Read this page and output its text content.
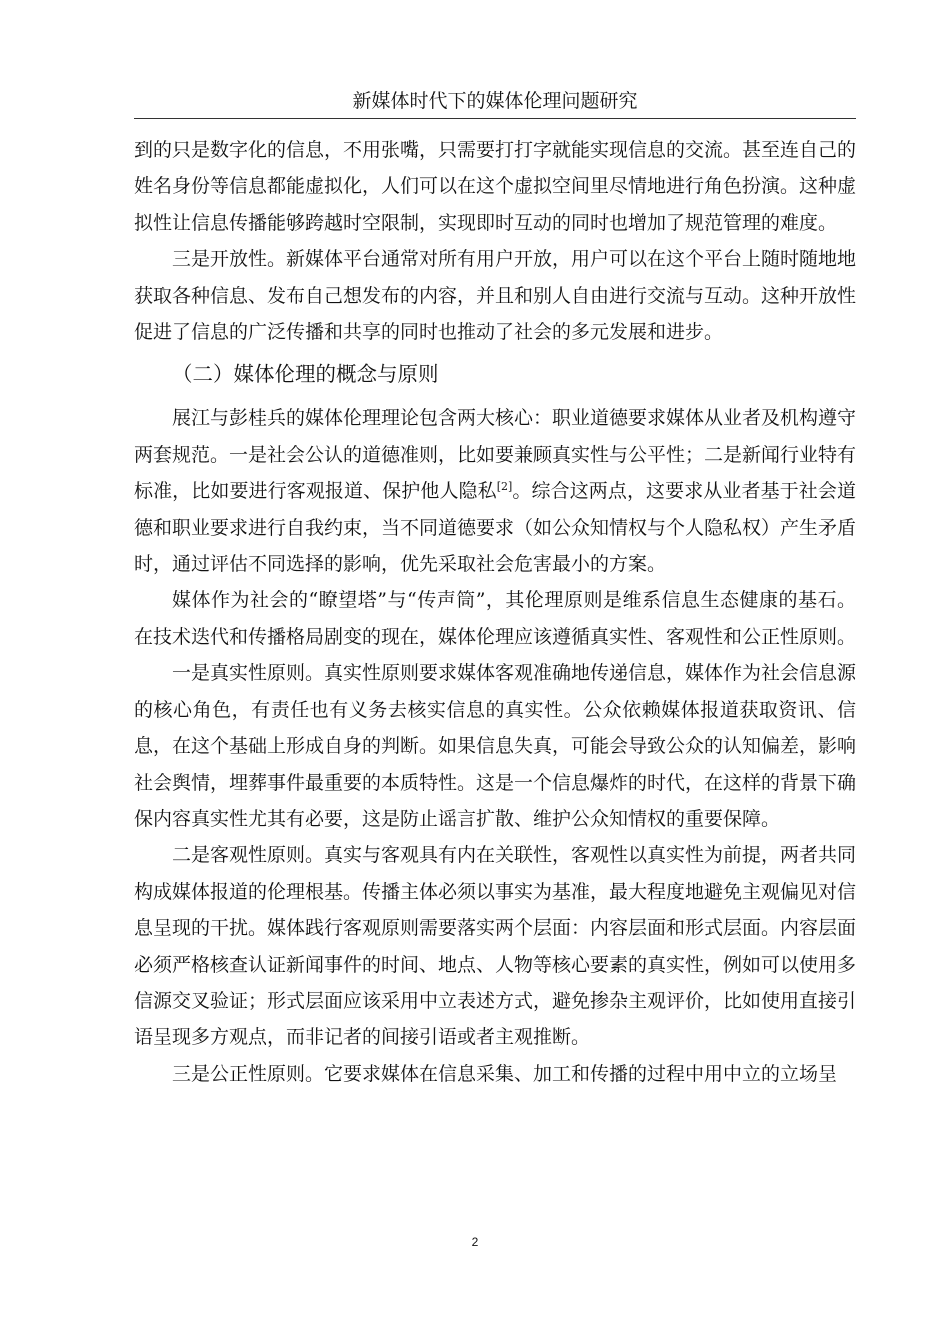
新媒体时代下的媒体伦理问题研究

到的只是数字化的信息，不用张嘴，只需要打打字就能实现信息的交流。甚至连自己的姓名身份等信息都能虚拟化，人们可以在这个虚拟空间里尽情地进行角色扮演。这种虚拟性让信息传播能够跨越时空限制，实现即时互动的同时也增加了规范管理的难度。

三是开放性。新媒体平台通常对所有用户开放，用户可以在这个平台上随时随地地获取各种信息、发布自己想发布的内容，并且和别人自由进行交流与互动。这种开放性促进了信息的广泛传播和共享的同时也推动了社会的多元发展和进步。

（二）媒体伦理的概念与原则

展江与彭桂兵的媒体伦理理论包含两大核心：职业道德要求媒体从业者及机构遵守两套规范。一是社会公认的道德准则，比如要兼顾真实性与公平性；二是新闻行业特有标准，比如要进行客观报道、保护他人隐私[2]。综合这两点，这要求从业者基于社会道德和职业要求进行自我约束，当不同道德要求（如公众知情权与个人隐私权）产生矛盾时，通过评估不同选择的影响，优先采取社会危害最小的方案。

媒体作为社会的“瞭望塔”与“传声筒”，其伦理原则是维系信息生态健康的基石。在技术迭代和传播格局剧变的现在，媒体伦理应该遵循真实性、客观性和公正性原则。

一是真实性原则。真实性原则要求媒体客观准确地传递信息，媒体作为社会信息源的核心角色，有责任也有义务去核实信息的真实性。公众依赖媒体报道获取资讯、信息，在这个基础上形成自身的判断。如果信息失真，可能会导致公众的认知偏差，影响社会舆情，埋葬事件最重要的本质特性。这是一个信息爆炸的时代，在这样的背景下确保内容真实性尤其有必要，这是防止谣言扩散、维护公众知情权的重要保障。

二是客观性原则。真实与客观具有内在关联性，客观性以真实性为前提，两者共同构成媒体报道的伦理根基。传播主体必须以事实为基准，最大程度地避免主观偏见对信息呈现的干扰。媒体践行客观原则需要落实两个层面：内容层面和形式层面。内容层面必须严格核查认证新闻事件的时间、地点、人物等核心要素的真实性，例如可以使用多信源交叉验证；形式层面应该采用中立表述方式，避免掺杂主观评价，比如使用直接引语呈现多方观点，而非记者的间接引语或者主观推断。

三是公正性原则。它要求媒体在信息采集、加工和传播的过程中用中立的立场呈

2
